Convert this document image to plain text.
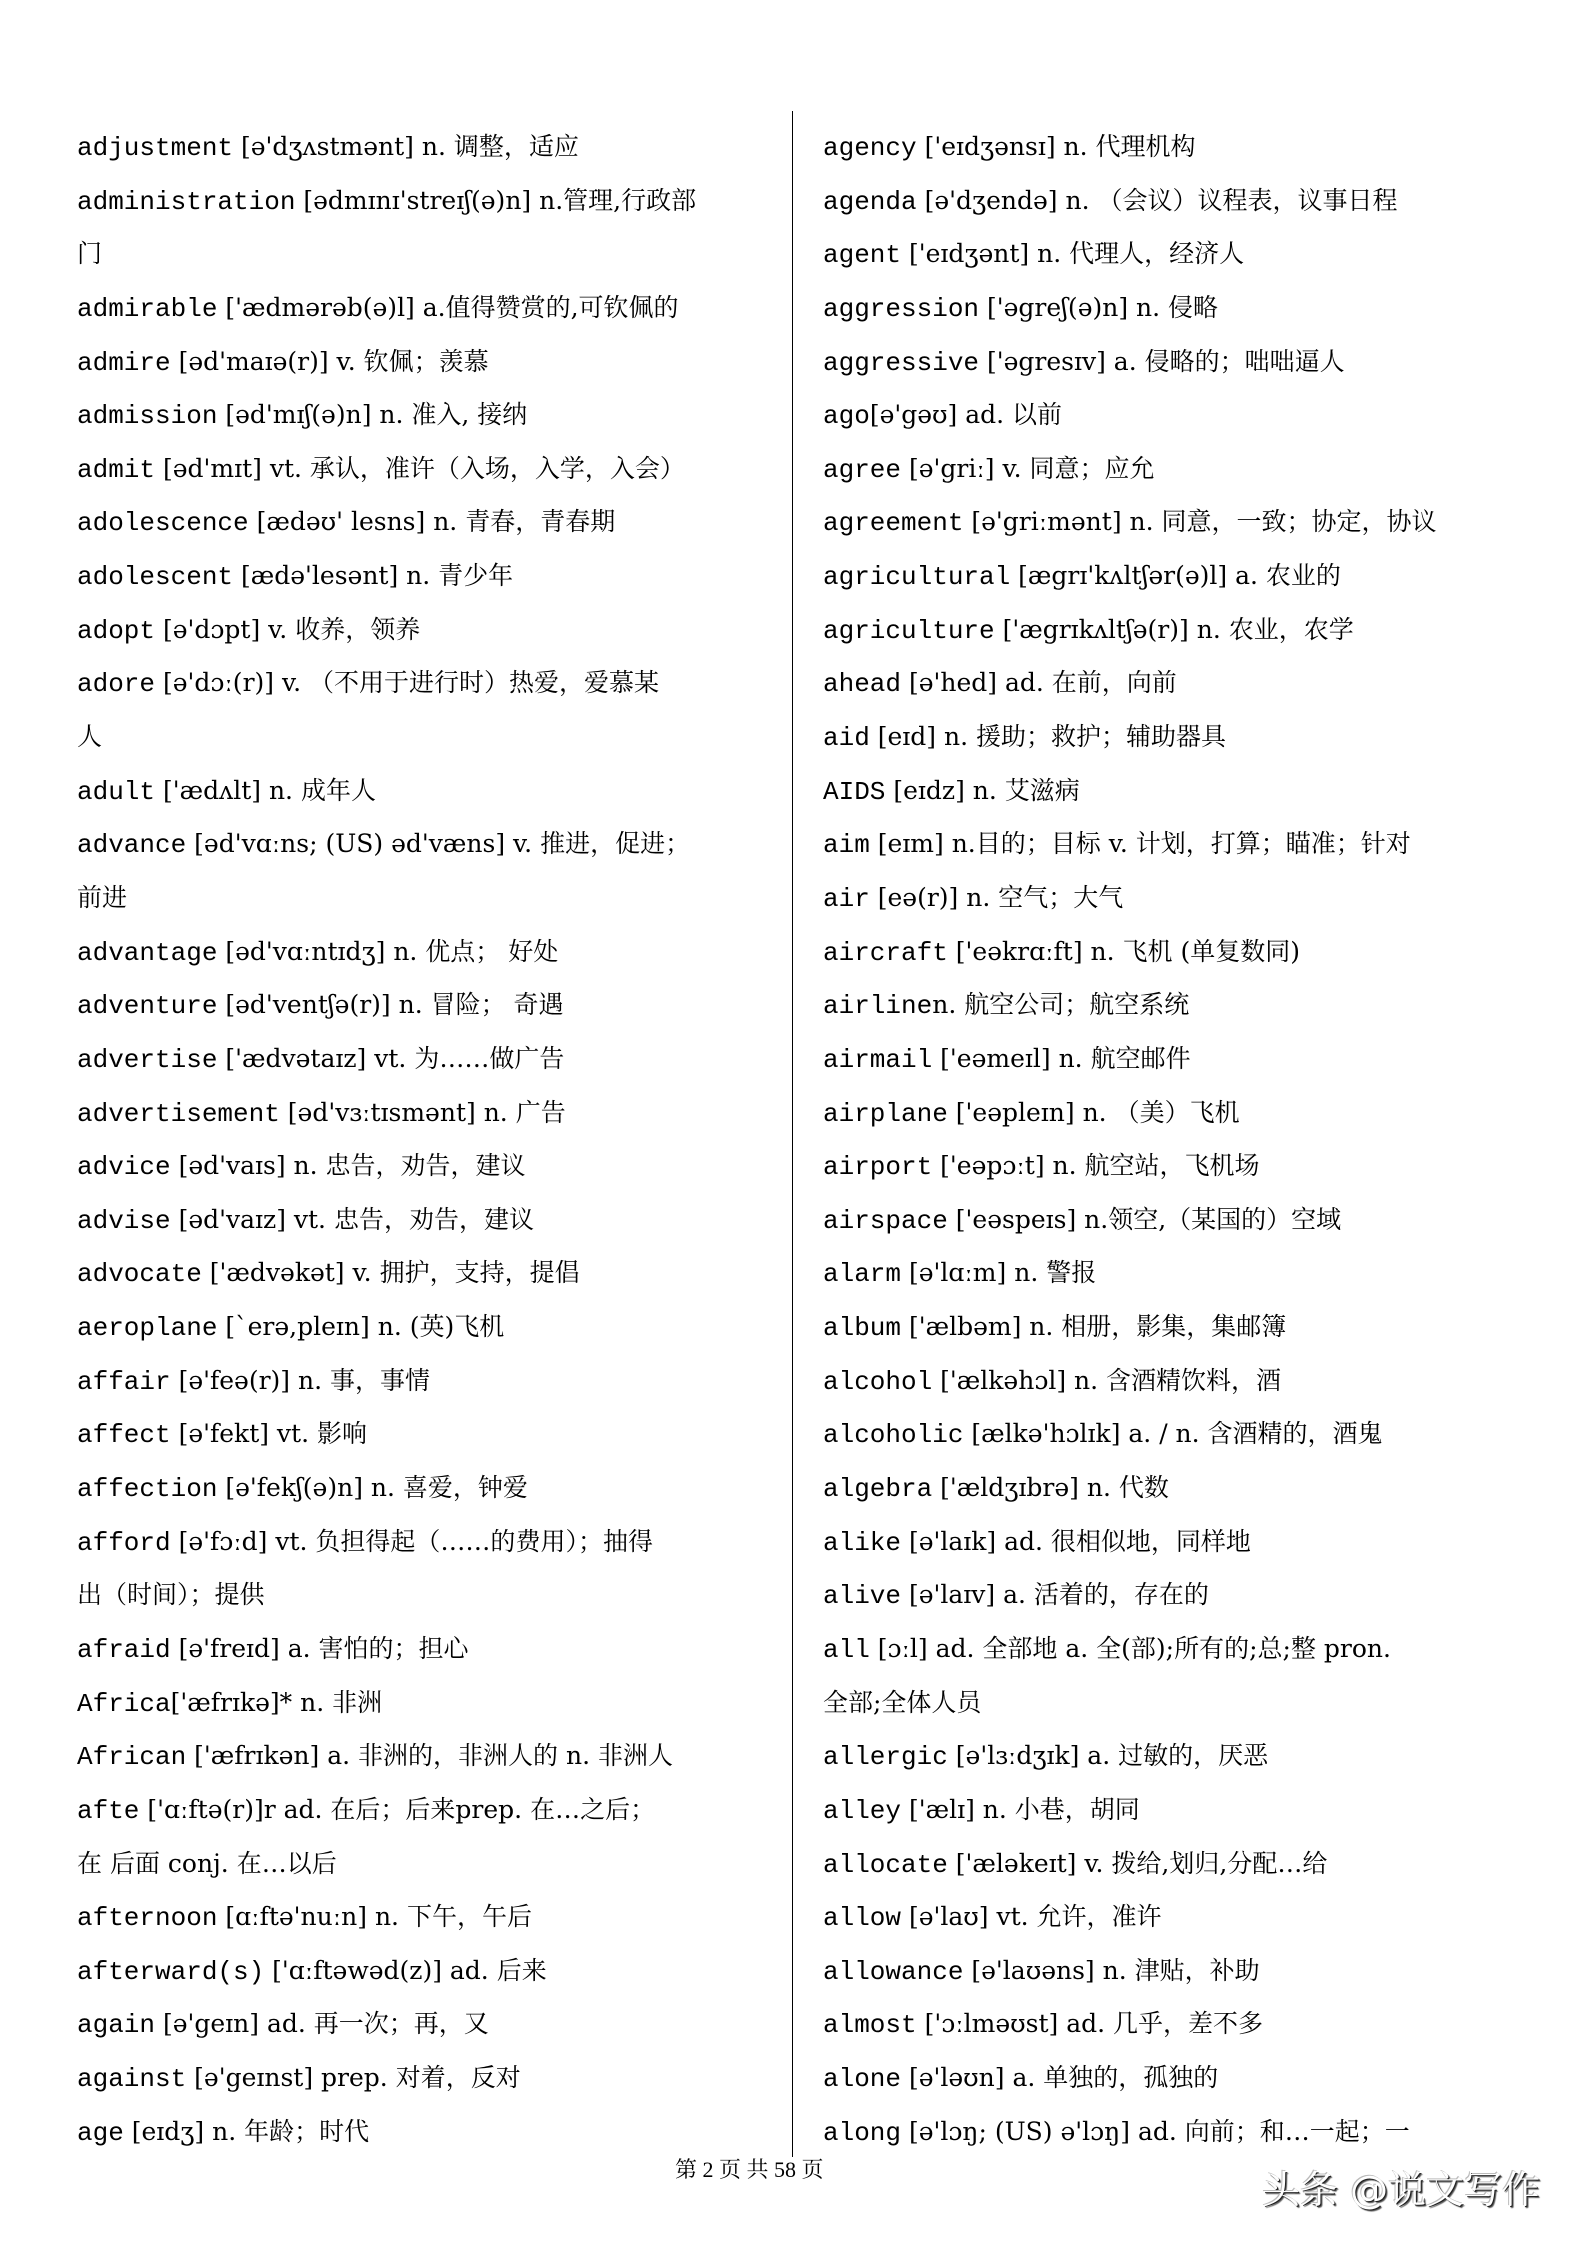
adjustment [ə'dʒʌstmənt] n. 调整，适应
administration [ədmɪnɪ'streɪʃ(ə)n] n.管理,行政部
门
admirable ['ædmərəb(ə)l] a.值得赞赏的,可钦佩的
admire [əd'maɪə(r)] v. 钦佩；羡慕
admission [əd'mɪʃ(ə)n] n. 准入, 接纳
admit [əd'mɪt] vt. 承认，准许（入场，入学，入会）
adolescence [ædəʊ' lesns] n. 青春，青春期
adolescent [ædə'lesənt] n. 青少年
adopt [ə'dɔpt] v. 收养，领养
adore [ə'dɔː(r)] v. （不用于进行时）热爱，爱慕某
人
adult ['ædʌlt] n. 成年人
advance [əd'vɑːns; (US) əd'væns] v. 推进，促进；
前进
advantage [əd'vɑːntɪdʒ] n. 优点； 好处
adventure [əd'ventʃə(r)] n. 冒险； 奇遇
advertise ['ædvətaɪz] vt. 为……做广告
advertisement [əd'vɜːtɪsmənt] n. 广告
advice [əd'vaɪs] n. 忠告，劝告，建议
advise [əd'vaɪz] vt. 忠告，劝告，建议
advocate ['ædvəkət] v. 拥护，支持，提倡
aeroplane [`erə,pleɪn] n. (英)飞机
affair [ə'feə(r)] n. 事，事情
affect [ə'fekt] vt. 影响
affection [ə'fekʃ(ə)n] n. 喜爱，钟爱
afford [ə'fɔːd] vt. 负担得起（……的费用）；抽得
出（时间）；提供
afraid [ə'freɪd] a. 害怕的；担心
Africa['æfrɪkə]* n. 非洲
African ['æfrɪkən] a. 非洲的，非洲人的 n. 非洲人
afte ['ɑːftə(r)]r ad. 在后；后来prep. 在…之后；
在 后面 conj. 在…以后
afternoon [ɑːftə'nuːn] n. 下午，午后
afterward(s) ['ɑːftəwəd(z)] ad. 后来
again [ə'geɪn] ad. 再一次；再，又
against [ə'geɪnst] prep. 对着，反对
age [eɪdʒ] n. 年龄；时代
agency ['eɪdʒənsɪ] n. 代理机构
agenda [ə'dʒendə] n. （会议）议程表，议事日程
agent ['eɪdʒənt] n. 代理人，经济人
aggression ['əgreʃ(ə)n] n. 侵略
aggressive ['əgresɪv] a. 侵略的；咄咄逼人
ago[ə'gəʊ] ad. 以前
agree [ə'griː] v. 同意；应允
agreement [ə'griːmənt] n. 同意，一致；协定，协议
agricultural [ægrɪ'kʌltʃər(ə)l] a. 农业的
agriculture ['ægrɪkʌltʃə(r)] n. 农业，农学
ahead [ə'hed] ad. 在前，向前
aid [eɪd] n. 援助；救护；辅助器具
AIDS [eɪdz] n. 艾滋病
aim [eɪm] n.目的；目标 v. 计划，打算；瞄准；针对
air [eə(r)] n. 空气；大气
aircraft ['eəkrɑːft] n. 飞机 (单复数同)
airlinen. 航空公司；航空系统
airmail ['eəmeɪl] n. 航空邮件
airplane ['eəpleɪn] n. （美）飞机
airport ['eəpɔːt] n. 航空站，飞机场
airspace ['eəspeɪs] n.领空,（某国的）空域
alarm [ə'lɑːm] n. 警报
album ['ælbəm] n. 相册，影集，集邮簿
alcohol ['ælkəhɔl] n. 含酒精饮料，酒
alcoholic [ælkə'hɔlɪk] a. / n. 含酒精的，酒鬼
algebra ['ældʒɪbrə] n. 代数
alike [ə'laɪk] ad. 很相似地，同样地
alive [ə'laɪv] a. 活着的，存在的
all [ɔːl] ad. 全部地 a. 全(部);所有的;总;整 pron.
全部;全体人员
allergic [ə'lɜːdʒɪk] a. 过敏的，厌恶
alley ['ælɪ] n. 小巷，胡同
allocate ['æləkeɪt] v. 拨给,划归,分配…给
allow [ə'laʊ] vt. 允许，准许
allowance [ə'laʊəns] n. 津贴，补助
almost ['ɔːlməʊst] ad. 几乎，差不多
alone [ə'ləʊn] a. 单独的，孤独的
along [ə'lɔŋ; (US) ə'lɔŋ] ad. 向前；和…一起；一
第 2 页 共 58 页	头条 @说文写作
